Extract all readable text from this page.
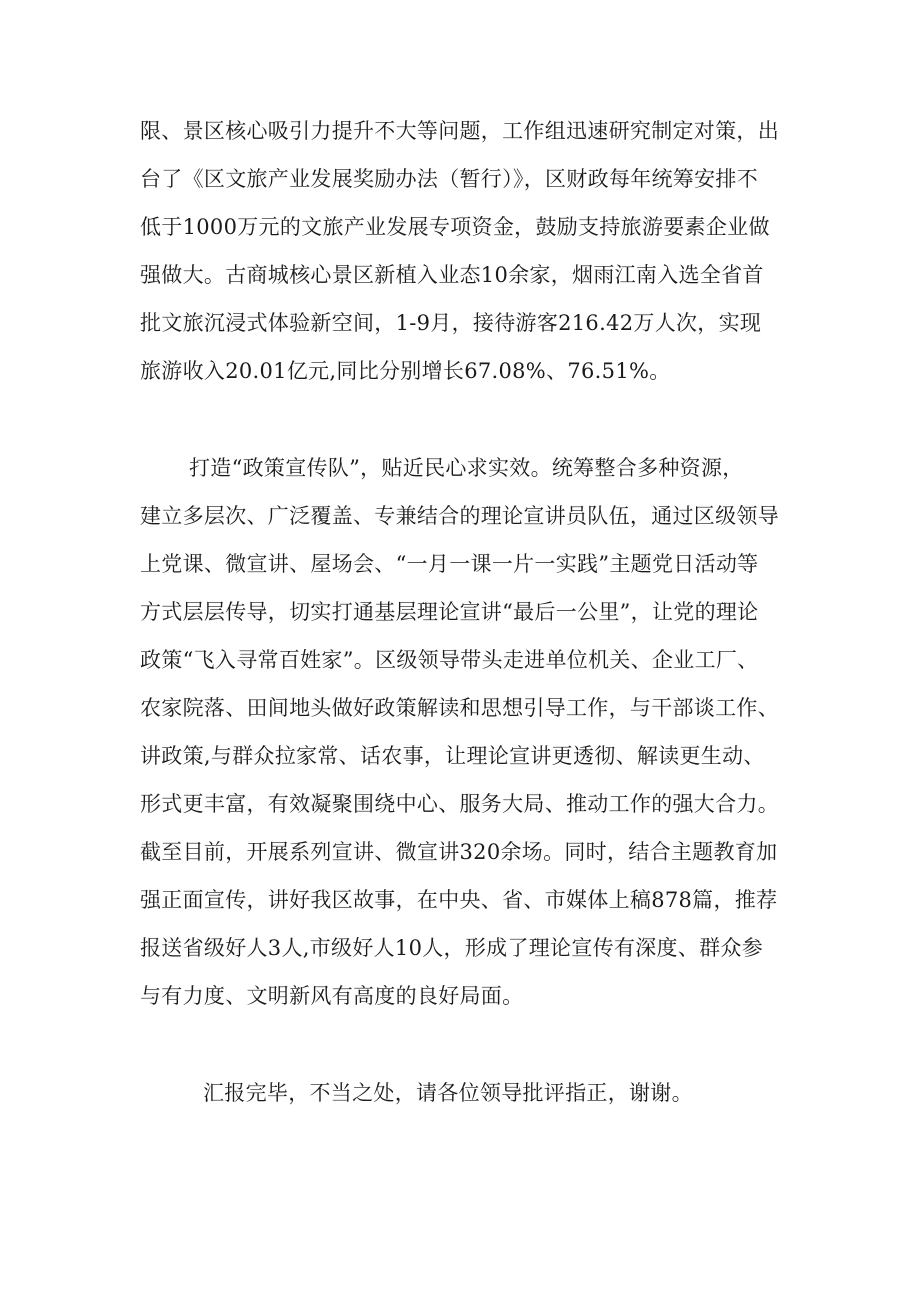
限、景区核心吸引力提升不大等问题，工作组迅速研究制定对策，出
台了《区文旅产业发展奖励办法（暂行）》，区财政每年统筹安排不
低于1000万元的文旅产业发展专项资金，鼓励支持旅游要素企业做
强做大。古商城核心景区新植入业态10余家，烟雨江南入选全省首
批文旅沉浸式体验新空间，1-9月，接待游客216.42万人次，实现
旅游收入20.01亿元,同比分别增长67.08%、76.51%。
打造“政策宣传队”，贴近民心求实效。统筹整合多种资源，
建立多层次、广泛覆盖、专兼结合的理论宣讲员队伍，通过区级领导
上党课、微宣讲、屋场会、“一月一课一片一实践”主题党日活动等
方式层层传导，切实打通基层理论宣讲“最后一公里”，让党的理论
政策“飞入寻常百姓家”。区级领导带头走进单位机关、企业工厂、
农家院落、田间地头做好政策解读和思想引导工作，与干部谈工作、
讲政策,与群众拉家常、话农事，让理论宣讲更透彻、解读更生动、
形式更丰富，有效凝聚围绕中心、服务大局、推动工作的强大合力。
截至目前，开展系列宣讲、微宣讲320余场。同时，结合主题教育加
强正面宣传，讲好我区故事，在中央、省、市媒体上稿878篇，推荐
报送省级好人3人,市级好人10人，形成了理论宣传有深度、群众参
与有力度、文明新风有高度的良好局面。
汇报完毕，不当之处，请各位领导批评指正，谢谢。
